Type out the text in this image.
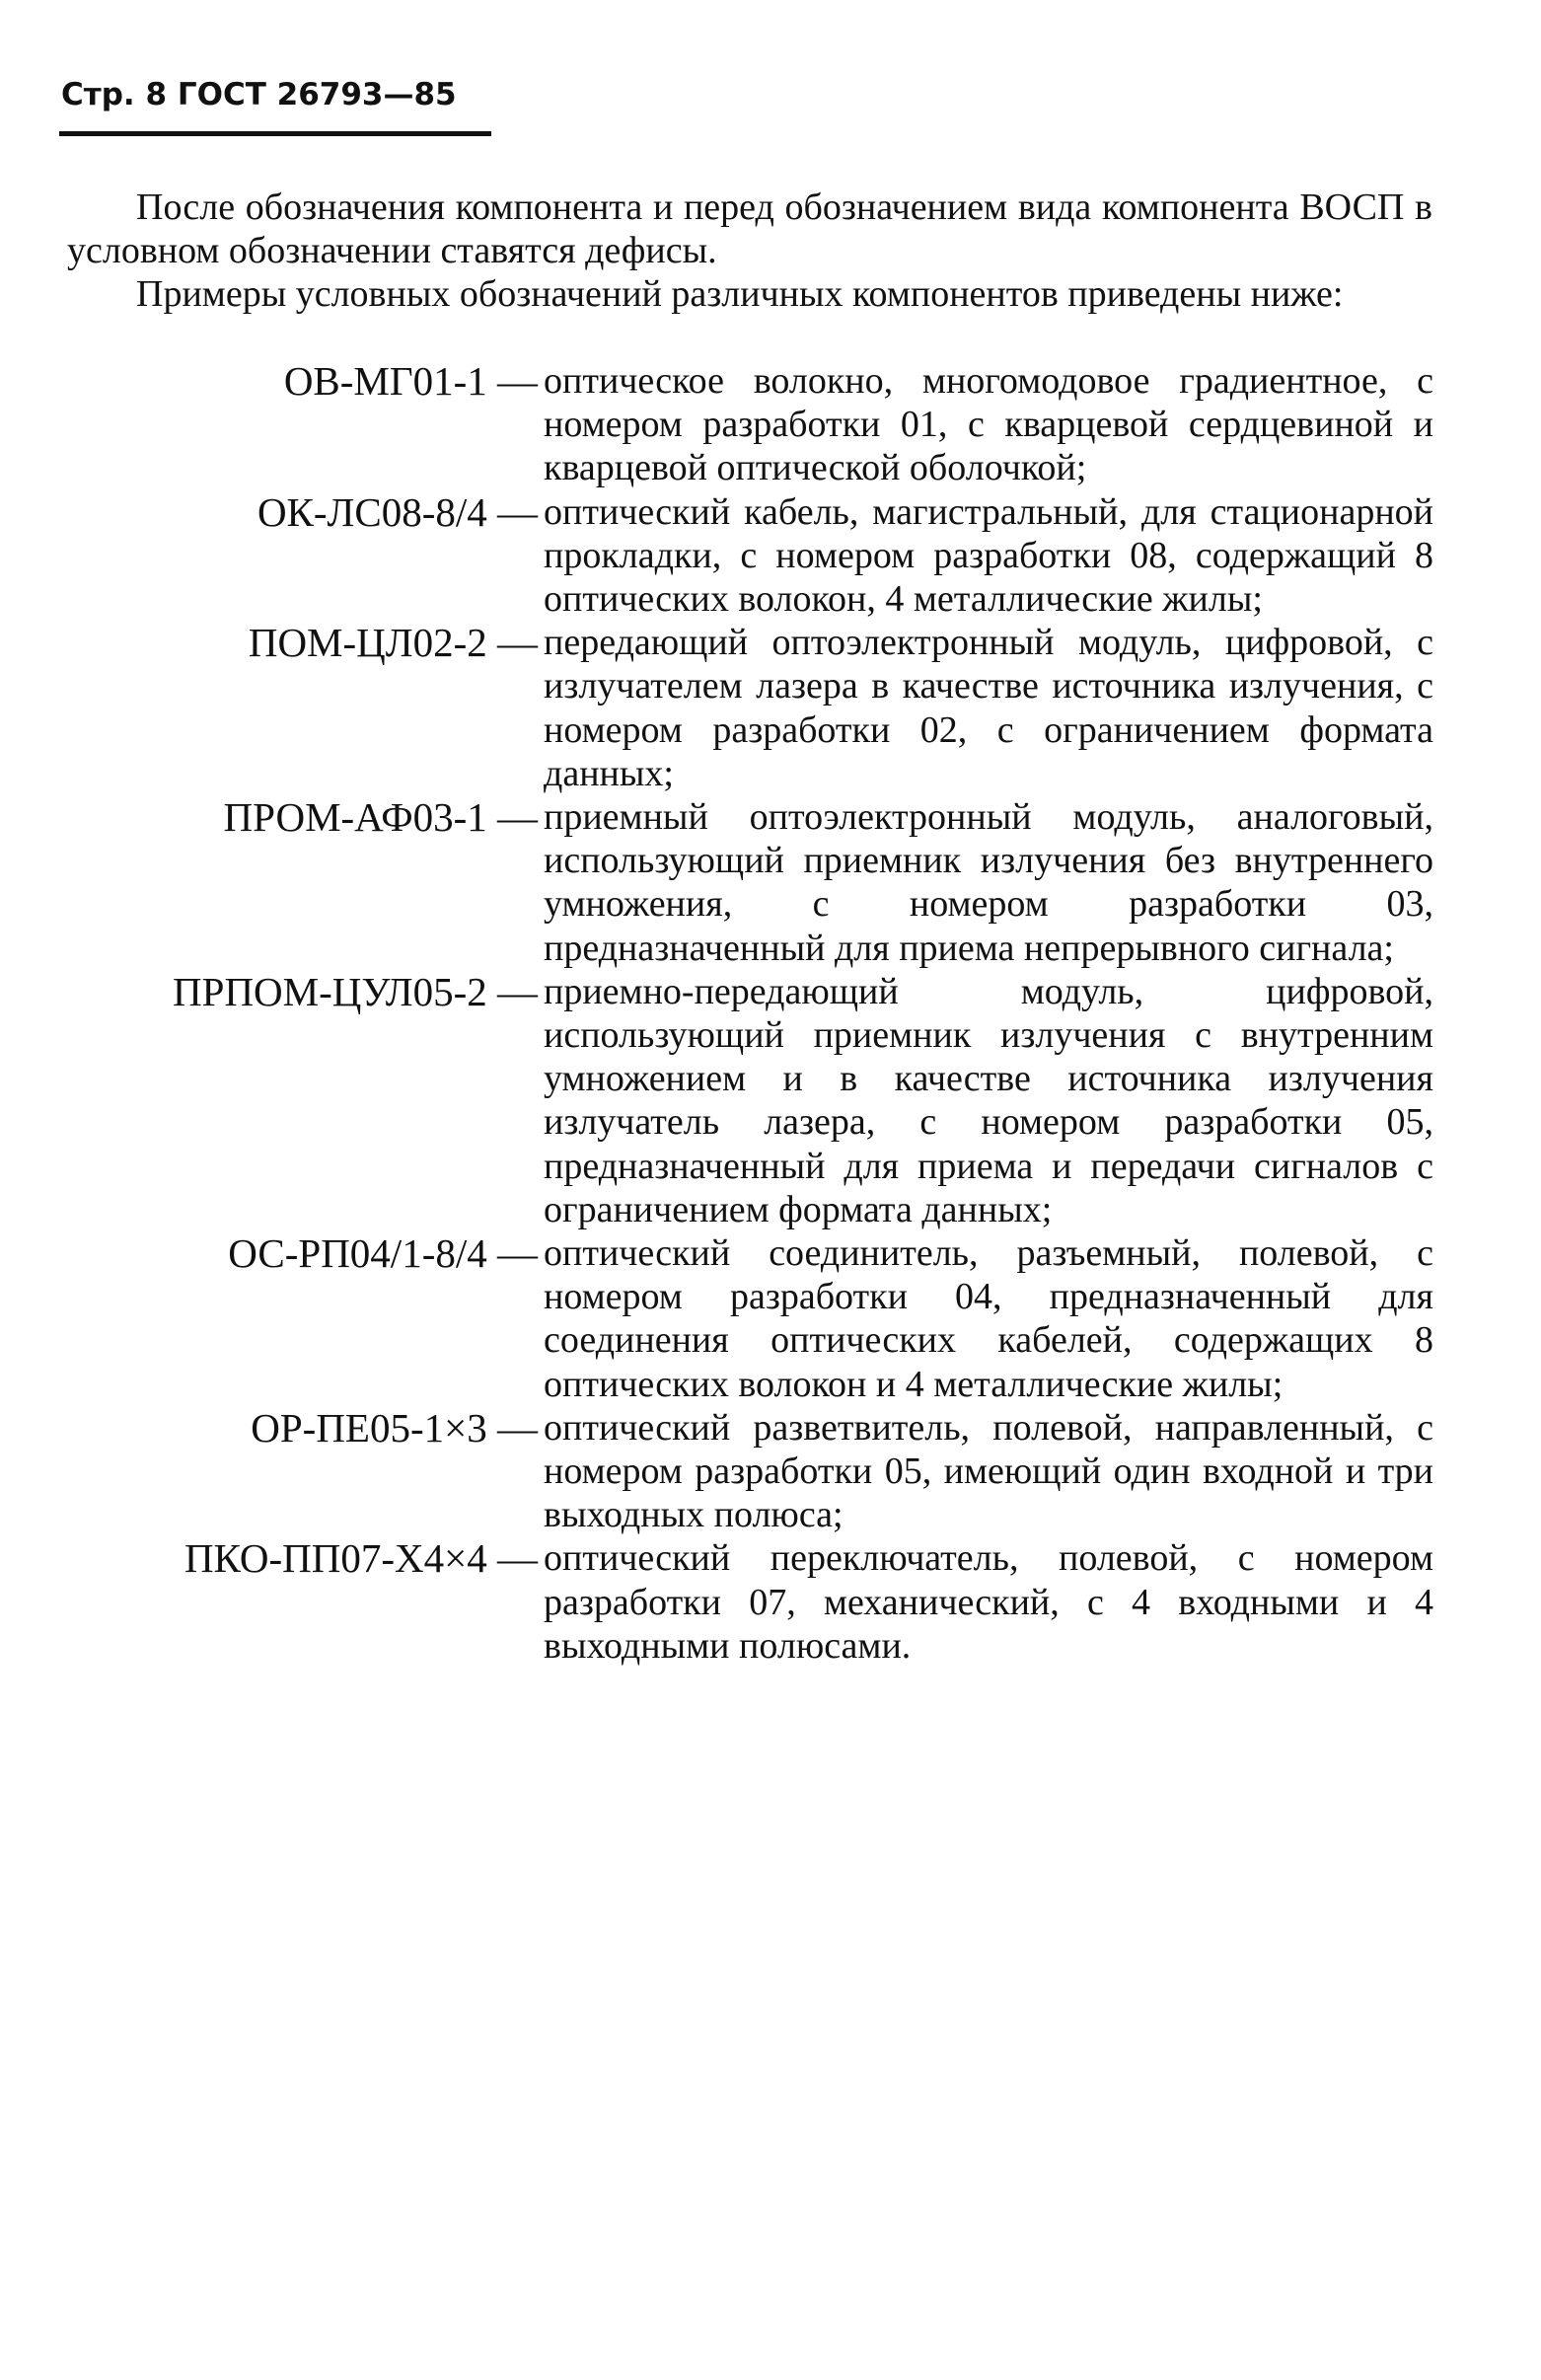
Стр. 8 ГОСТ 26793—85

После обозначения компонента и перед обозначением вида компонента ВОСП в условном обозначении ставятся дефисы.

Примеры условных обозначений различных компонентов приведены ниже:

ОВ-МГ01-1 — оптическое волокно, многомодовое градиентное, с номером разработки 01, с кварцевой сердцевиной и кварцевой оптической оболочкой;
ОК-ЛС08-8/4 — оптический кабель, магистральный, для стационарной прокладки, с номером разработки 08, содержащий 8 оптических волокон, 4 металлические жилы;
ПОМ-ЦЛ02-2 — передающий оптоэлектронный модуль, цифровой, с излучателем лазера в качестве источника излучения, с номером разработки 02, с ограничением формата данных;
ПРОМ-АФ03-1 — приемный оптоэлектронный модуль, аналоговый, использующий приемник излучения без внутреннего умножения, с номером разработки 03, предназначенный для приема непрерывного сигнала;
ПРПОМ-ЦУЛ05-2 — приемно-передающий модуль, цифровой, использующий приемник излучения с внутренним умножением и в качестве источника излучения излучатель лазера, с номером разработки 05, предназначенный для приема и передачи сигналов с ограничением формата данных;
ОС-РП04/1-8/4 — оптический соединитель, разъемный, полевой, с номером разработки 04, предназначенный для соединения оптических кабелей, содержащих 8 оптических волокон и 4 металлические жилы;
ОР-ПЕ05-1×3 — оптический разветвитель, полевой, направленный, с номером разработки 05, имеющий один входной и три выходных полюса;
ПКО-ПП07-Х4×4 — оптический переключатель, полевой, с номером разработки 07, механический, с 4 входными и 4 выходными полюсами.
